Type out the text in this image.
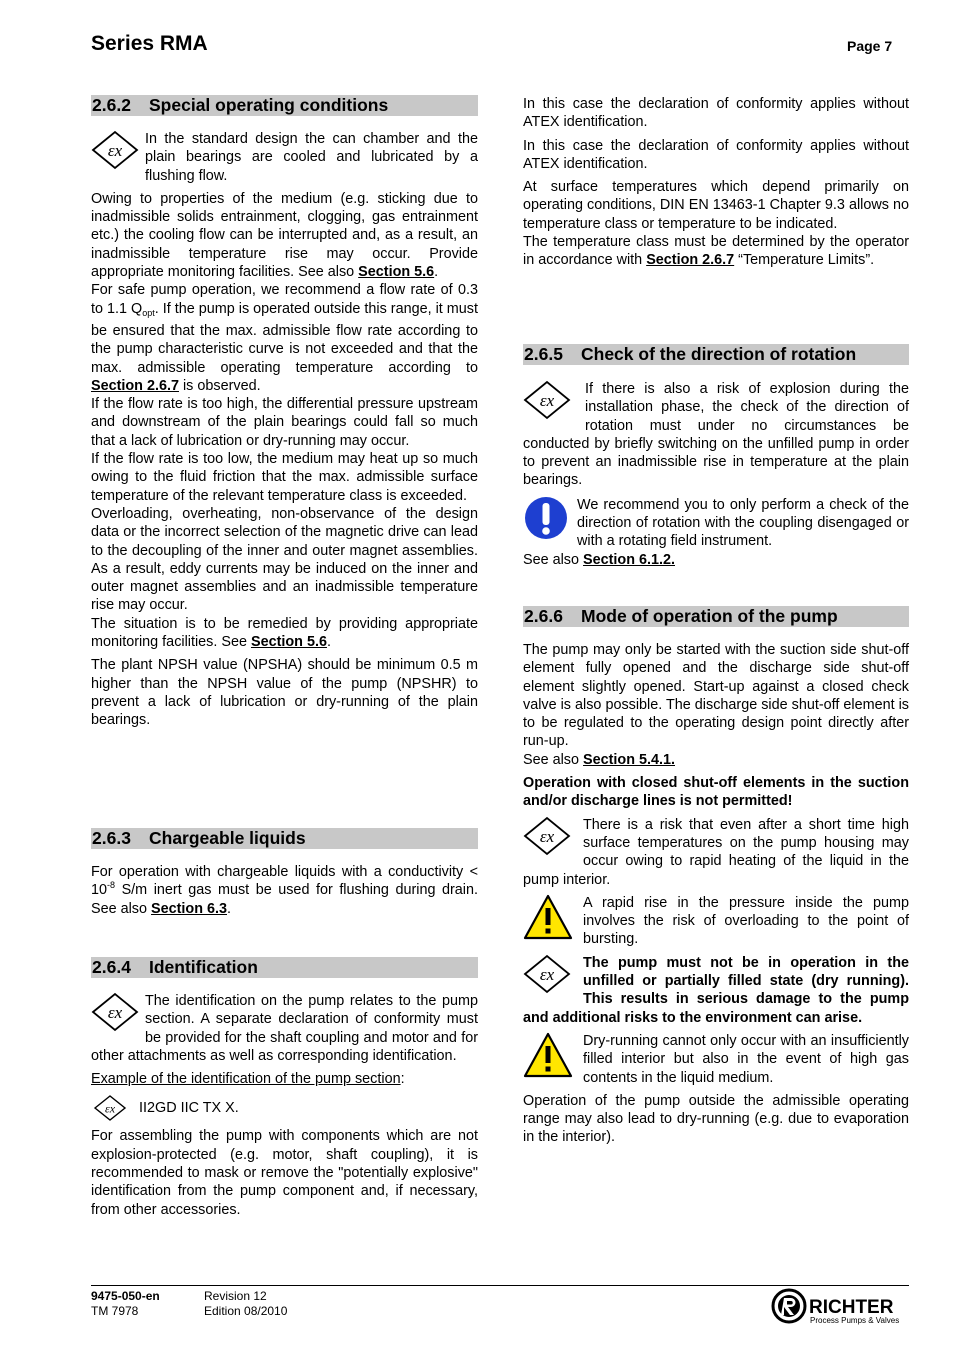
Series RMA	Page 7
2.6.2 Special operating conditions
εx

In the standard design the can chamber and the plain bearings are cooled and lubricated by a flushing flow.

Owing to properties of the medium (e.g. sticking due to inadmissible solids entrainment, clogging, gas entrainment etc.) the cooling flow can be interrupted and, as a result, an inadmissible temperature rise may occur. Provide appropriate monitoring facilities. See also Section 5.6.

For safe pump operation, we recommend a flow rate of 0.3 to 1.1 $Q_{opt}$. If the pump is operated outside this range, it must be ensured that the max. admissible flow rate according to the pump characteristic curve is not exceeded and that the max. admissible operating temperature according to Section 2.6.7 is observed.

If the flow rate is too high, the differential pressure upstream and downstream of the plain bearings could fall so much that a lack of lubrication or dry-running may occur.

If the flow rate is too low, the medium may heat up so much owing to the fluid friction that the max. admissible surface temperature of the relevant temperature class is exceeded.

Overloading, overheating, non-observance of the design data or the incorrect selection of the magnetic drive can lead to the decoupling of the inner and outer magnet assemblies. As a result, eddy currents may be induced on the inner and outer magnet assemblies and an inadmissible temperature rise may occur.

The situation is to be remedied by providing appropriate monitoring facilities. See Section 5.6.

The plant NPSH value (NPSHA) should be minimum 0.5 m higher than the NPSH value of the pump (NPSHR) to prevent a lack of lubrication or dry-running of the plain bearings.

2.6.3 Chargeable liquids

For operation with chargeable liquids with a conductivity < $10^{-8}$ S/m inert gas must be used for flushing during drain. See also Section 6.3.

2.6.4 Identification
εx

The identification on the pump relates to the pump section. A separate declaration of conformity must be provided for the shaft coupling and motor and for other attachments as well as corresponding identification.

Example of the identification of the pump section:

εx II2GD IIC TX X.

For assembling the pump with components which are not explosion-protected (e.g. motor, shaft coupling), it is recommended to mask or remove the "potentially explosive" identification from the pump component and, if necessary, from other accessories.

In this case the declaration of conformity applies without ATEX identification.

In this case the declaration of conformity applies without ATEX identification.

At surface temperatures which depend primarily on operating conditions, DIN EN 13463-1 Chapter 9.3 allows no temperature class or temperature to be indicated.

The temperature class must be determined by the operator in accordance with Section 2.6.7 “Temperature Limits”.

2.6.5 Check of the direction of rotation
εx

If there is also a risk of explosion during the installation phase, the check of the direction of rotation must under no circumstances be conducted by briefly switching on the unfilled pump in order to prevent an inadmissible rise in temperature at the plain bearings.

We recommend you to only perform a check of the direction of rotation with the coupling disengaged or with a rotating field instrument.

See also Section 6.1.2.

2.6.6 Mode of operation of the pump

The pump may only be started with the suction side shut-off element fully opened and the discharge side shut-off element slightly opened. Start-up against a closed check valve is also possible. The discharge side shut-off element is to be regulated to the operating design point directly after run-up.

See also Section 5.4.1.

Operation with closed shut-off elements in the suction and/or discharge lines is not permitted!

εx

There is a risk that even after a short time high surface temperatures on the pump housing may occur owing to rapid heating of the liquid in the pump interior.

A rapid rise in the pressure inside the pump involves the risk of overloading to the point of bursting.

εx

The pump must not be in operation in the unfilled or partially filled state (dry running). This results in serious damage to the pump and additional risks to the environment can arise.

Dry-running cannot only occur with an insufficiently filled interior but also in the event of high gas contents in the liquid medium.

Operation of the pump outside the admissible operating range may also lead to dry-running (e.g. due to evaporation in the interior).

9475-050-en
TM 7978
Revision 12
Edition 08/2010	RICHTER
Process Pumps & Valves
